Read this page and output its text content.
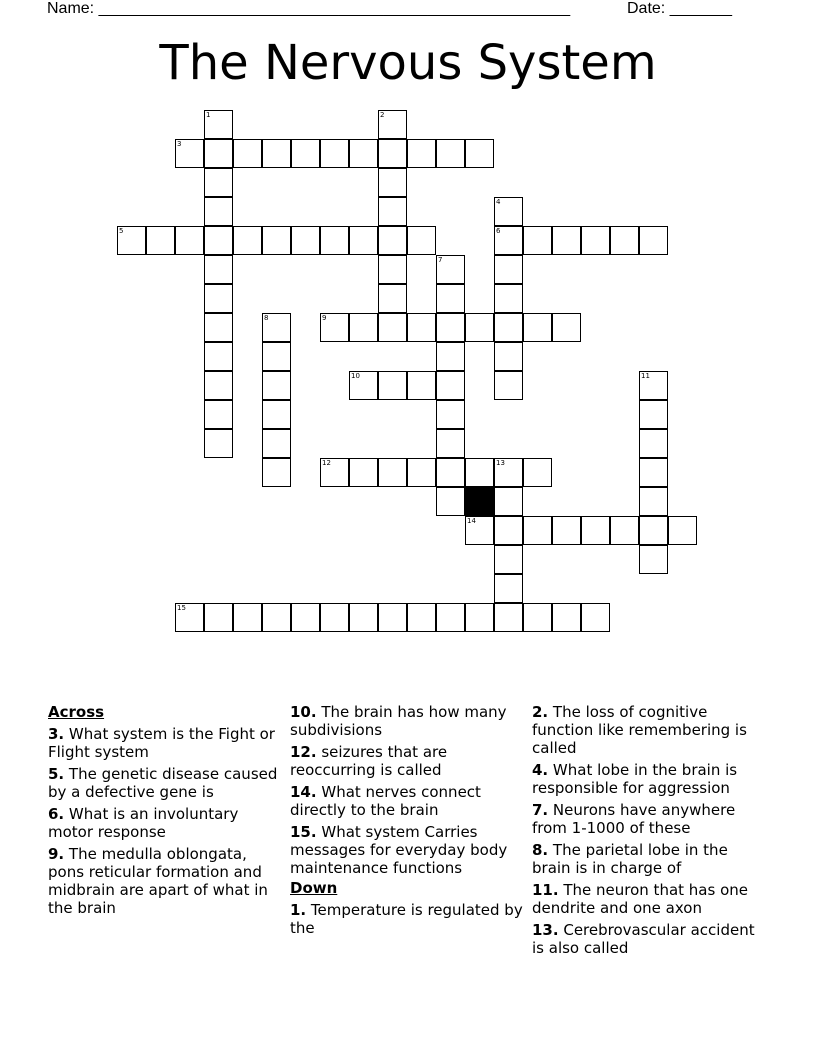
Name: _____________________________________________________	Date: _______
The Nervous System
1	2
3
4
6
5
7
8	9
10	11
12	13
14
15
Across
3. What system is the Fight or Flight system
5. The genetic disease caused by a defective gene is
6. What is an involuntary motor response
9. The medulla oblongata, pons reticular formation and midbrain are apart of what in the brain
10. The brain has how many subdivisions
12. seizures that are reoccurring is called
14. What nerves connect directly to the brain
15. What system Carries messages for everyday body maintenance functions
Down
1. Temperature is regulated by the
2. The loss of cognitive function like remembering is called
4. What lobe in the brain is responsible for aggression
7. Neurons have anywhere from 1-1000 of these
8. The parietal lobe in the brain is in charge of
11. The neuron that has one dendrite and one axon
13. Cerebrovascular accident is also called
